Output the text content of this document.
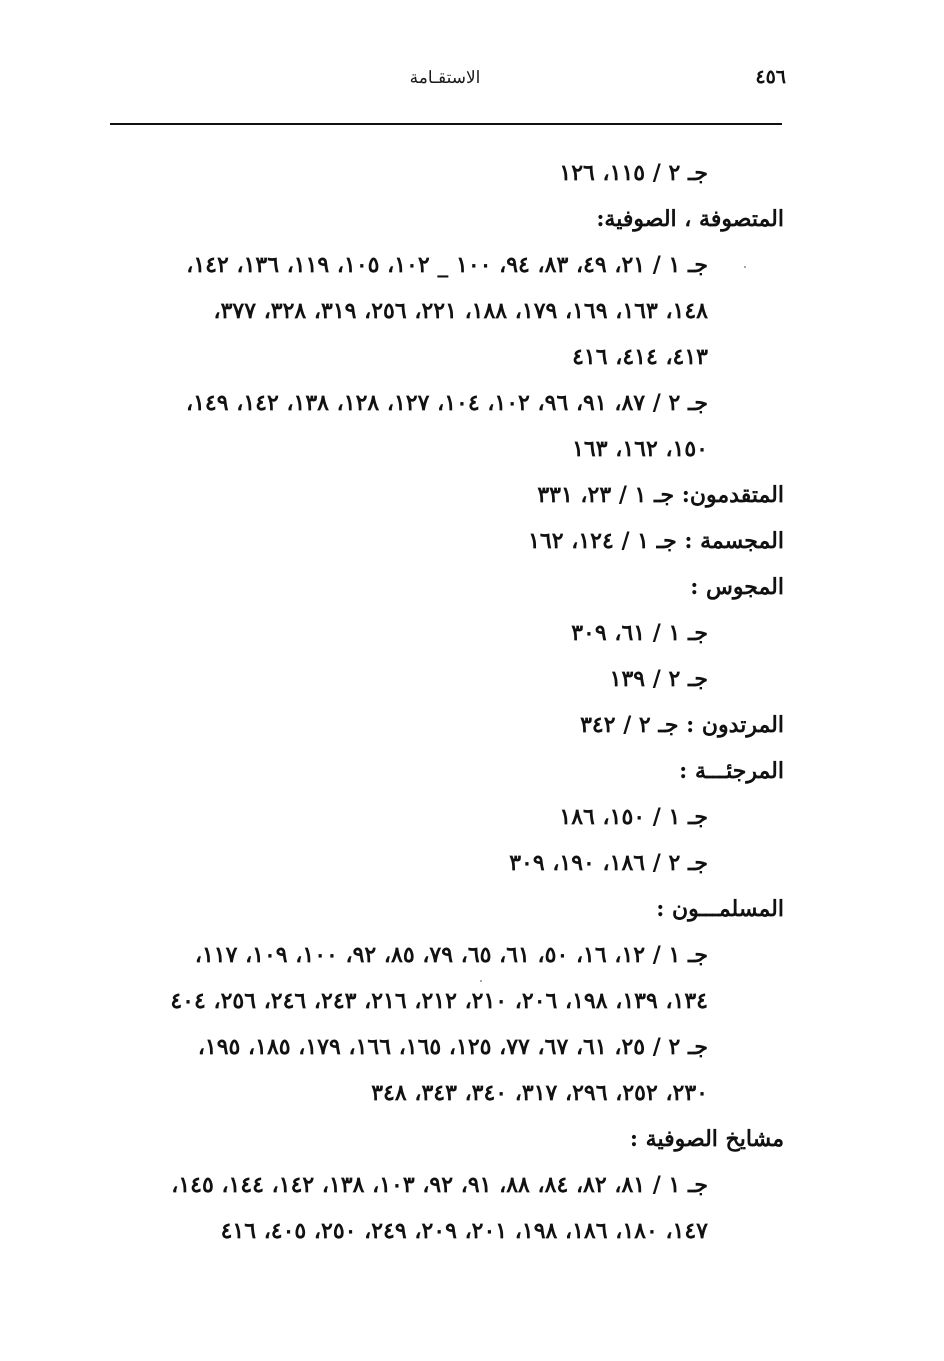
٤٥٦
الاستقـامة
جـ ٢ / ١١٥، ١٢٦
المتصوفة ، الصوفية:
جـ ١ / ٢١، ٤٩، ٨٣، ٩٤، ١٠٠ _ ١٠٢، ١٠٥، ١١٩، ١٣٦، ١٤٢،
١٤٨، ١٦٣، ١٦٩، ١٧٩، ١٨٨، ٢٢١، ٢٥٦، ٣١٩، ٣٢٨، ٣٧٧،
٤١٣، ٤١٤، ٤١٦
جـ ٢ / ٨٧، ٩١، ٩٦، ١٠٢، ١٠٤، ١٢٧، ١٢٨، ١٣٨، ١٤٢، ١٤٩،
١٥٠، ١٦٢، ١٦٣
المتقدمون: جـ ١ / ٢٣، ٣٣١
المجسمة : جـ ١ / ١٢٤، ١٦٢
المجوس :
جـ ١ / ٦١، ٣٠٩
جـ ٢ / ١٣٩
المرتدون : جـ ٢ / ٣٤٢
المرجئـــة :
جـ ١ / ١٥٠، ١٨٦
جـ ٢ / ١٨٦، ١٩٠، ٣٠٩
المسلمـــون :
جـ ١ / ١٢، ١٦، ٥٠، ٦١، ٦٥، ٧٩، ٨٥، ٩٢، ١٠٠، ١٠٩، ١١٧،
١٣٤، ١٣٩، ١٩٨، ٢٠٦، ٢١٠، ٢١٢، ٢١٦، ٢٤٣، ٢٤٦، ٢٥٦، ٤٠٤
جـ ٢ / ٢٥، ٦١، ٦٧، ٧٧، ١٢٥، ١٦٥، ١٦٦، ١٧٩، ١٨٥، ١٩٥،
٢٣٠، ٢٥٢، ٢٩٦، ٣١٧، ٣٤٠، ٣٤٣، ٣٤٨
مشايخ الصوفية :
جـ ١ / ٨١، ٨٢، ٨٤، ٨٨، ٩١، ٩٢، ١٠٣، ١٣٨، ١٤٢، ١٤٤، ١٤٥،
١٤٧، ١٨٠، ١٨٦، ١٩٨، ٢٠١، ٢٠٩، ٢٤٩، ٢٥٠، ٤٠٥، ٤١٦
